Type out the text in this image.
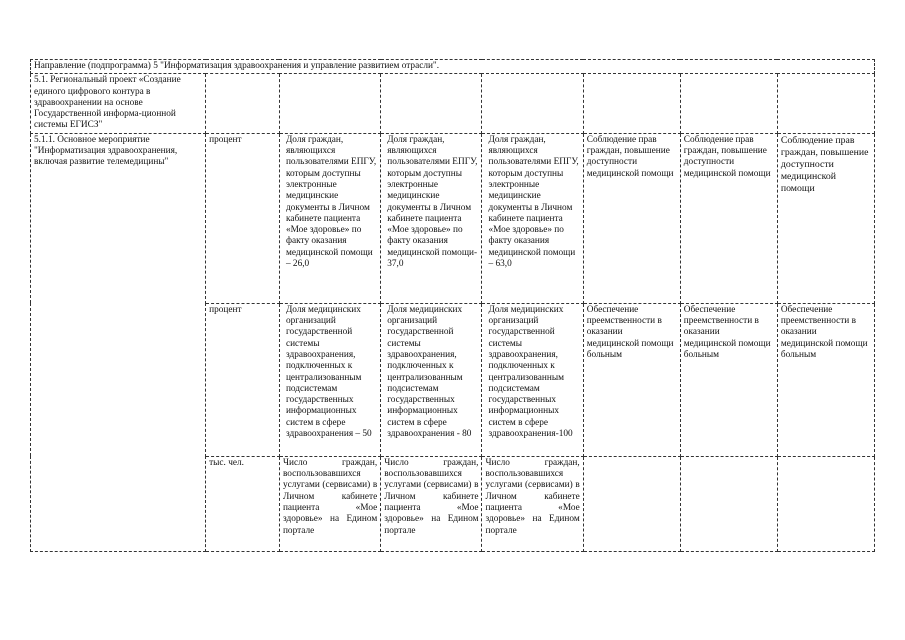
Направление (подпрограмма) 5 "Информатизация здравоохранения и управление развитием отрасли".							
5.1. Региональный проект «Создание единого цифрового контура в здравоохранении на основе Государственной информа-ционной системы ЕГИСЗ"							
5.1.1. Основное мероприятие "Информатизация здравоохранения, включая развитие телемедицины"	процент	Доля граждан, являющихся пользователями ЕПГУ, которым доступны электронные медицинские документы в Личном кабинете пациента «Мое здоровье» по факту оказания медицинской помощи – 26,0	Доля граждан, являющихся пользователями ЕПГУ, которым доступны электронные медицинские документы в Личном кабинете пациента «Мое здоровье» по факту оказания медицинской помощи- 37,0	Доля граждан, являющихся пользователями ЕПГУ, которым доступны электронные медицинские документы в Личном кабинете пациента «Мое здоровье» по факту оказания медицинской помощи – 63,0	Соблюдение прав граждан, повышение доступности медицинской помощи	Соблюдение прав граждан, повышение доступности медицинской помощи	Соблюдение прав граждан, повышение доступности медицинской помощи
	процент	Доля медицинских организаций государственной системы здравоохранения, подключенных к централизованным подсистемам государственных информационных систем в сфере здравоохранения – 50	Доля медицинских организаций государственной системы здравоохранения, подключенных к централизованным подсистемам государственных информационных систем в сфере здравоохранения - 80	Доля медицинских организаций государственной системы здравоохранения, подключенных к централизованным подсистемам государственных информационных систем в сфере здравоохранения-100	Обеспечение преемственности в оказании медицинской помощи больным	Обеспечение преемственности в оказании медицинской помощи больным	Обеспечение преемственности в оказании медицинской помощи больным
	тыс. чел.	Число граждан, воспользовавшихся услугами (сервисами) в Личном кабинете пациента «Мое здоровье» на Едином портале	Число граждан, воспользовавшихся услугами (сервисами) в Личном кабинете пациента «Мое здоровье» на Едином портале	Число граждан, воспользовавшихся услугами (сервисами) в Личном кабинете пациента «Мое здоровье» на Едином портале			
